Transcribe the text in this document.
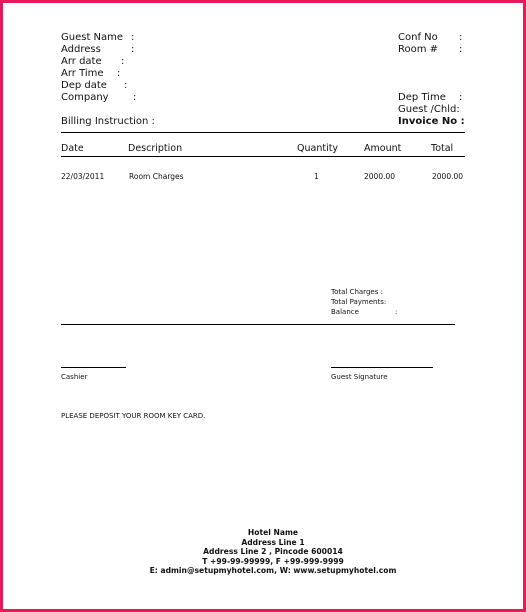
Guest Name :
Address	:
Arr date :
Arr Time :
Dep date :
Company :
Billing Instruction :
Conf No :
Room # :
Dep Time :
Guest /Chld:
Invoice No :
Date	Description	Quantity	Amount	Total
22/03/2011	Room Charges	1	2000.00	2000.00
Total Charges :
Total Payments:
Balance	:
Cashier	Guest Signature
PLEASE DEPOSIT YOUR ROOM KEY CARD.
Hotel Name
Address Line 1
Address Line 2 , Pincode 600014
T +99-99-99999, F +99-999-9999
E: admin@setupmyhotel.com, W: www.setupmyhotel.com
